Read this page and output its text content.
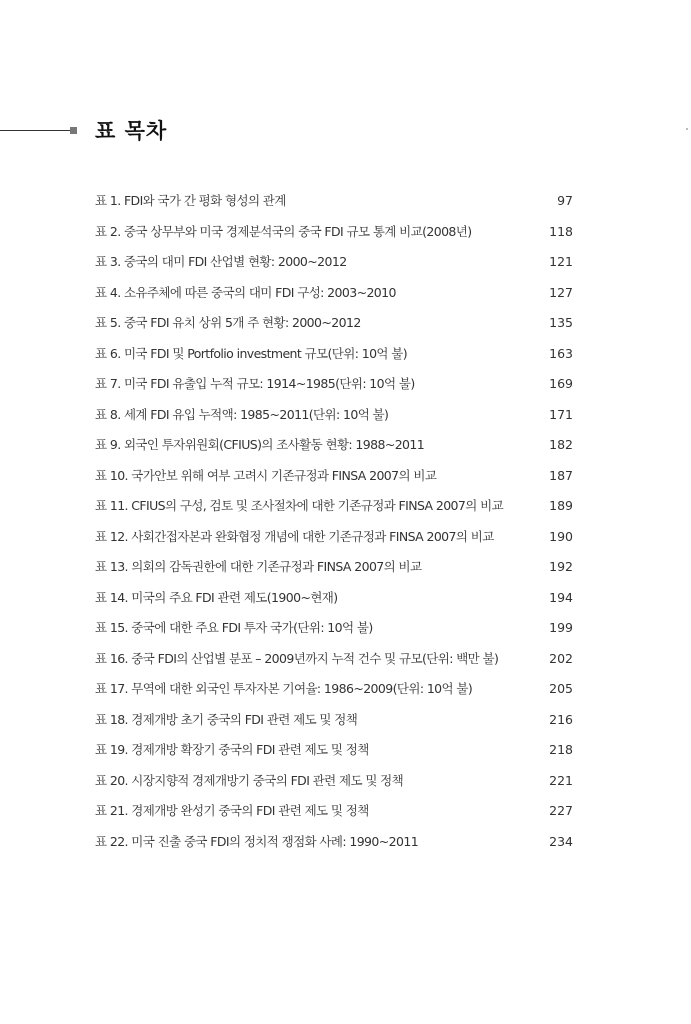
표 목차
표 1. FDI와 국가 간 평화 형성의 관계	97
표 2. 중국 상무부와 미국 경제분석국의 중국 FDI 규모 통계 비교(2008년)	118
표 3. 중국의 대미 FDI 산업별 현황: 2000~2012	121
표 4. 소유주체에 따른 중국의 대미 FDI 구성: 2003~2010	127
표 5. 중국 FDI 유치 상위 5개 주 현황: 2000~2012	135
표 6. 미국 FDI 및 Portfolio investment 규모(단위: 10억 불)	163
표 7. 미국 FDI 유출입 누적 규모: 1914~1985(단위: 10억 불)	169
표 8. 세계 FDI 유입 누적액: 1985~2011(단위: 10억 불)	171
표 9. 외국인 투자위원회(CFIUS)의 조사활동 현황: 1988~2011	182
표 10. 국가안보 위해 여부 고려시 기존규정과 FINSA 2007의 비교	187
표 11. CFIUS의 구성, 검토 및 조사절차에 대한 기존규정과 FINSA 2007의 비교	189
표 12. 사회간접자본과 완화협정 개념에 대한 기존규정과 FINSA 2007의 비교	190
표 13. 의회의 감독권한에 대한 기존규정과 FINSA 2007의 비교	192
표 14. 미국의 주요 FDI 관련 제도(1900~현재)	194
표 15. 중국에 대한 주요 FDI 투자 국가(단위: 10억 불)	199
표 16. 중국 FDI의 산업별 분포 – 2009년까지 누적 건수 및 규모(단위: 백만 불)	202
표 17. 무역에 대한 외국인 투자자본 기여율: 1986~2009(단위: 10억 불)	205
표 18. 경제개방 초기 중국의 FDI 관련 제도 및 정책	216
표 19. 경제개방 확장기 중국의 FDI 관련 제도 및 정책	218
표 20. 시장지향적 경제개방기 중국의 FDI 관련 제도 및 정책	221
표 21. 경제개방 완성기 중국의 FDI 관련 제도 및 정책	227
표 22. 미국 진출 중국 FDI의 정치적 쟁점화 사례: 1990~2011	234
